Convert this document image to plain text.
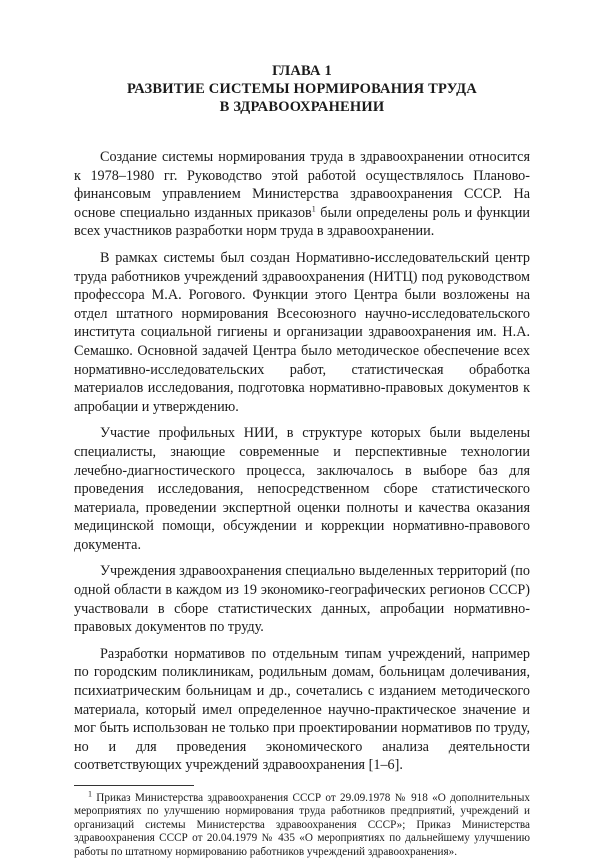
ГЛАВА 1
РАЗВИТИЕ СИСТЕМЫ НОРМИРОВАНИЯ ТРУДА
В ЗДРАВООХРАНЕНИИ

Создание системы нормирования труда в здравоохранении относится к 1978–1980 гг. Руководство этой работой осуществлялось Планово-финансовым управлением Министерства здравоохранения СССР. На основе специально изданных приказов$^1$ были определены роль и функции всех участников разработки норм труда в здравоохранении.

В рамках системы был создан Нормативно-исследовательский центр труда работников учреждений здравоохранения (НИТЦ) под руководством профессора М.А. Рогового. Функции этого Центра были возложены на отдел штатного нормирования Всесоюзного научно-исследовательского института социальной гигиены и организации здравоохранения им. Н.А. Семашко. Основной задачей Центра было методическое обеспечение всех нормативно-исследовательских работ, статистическая обработка материалов исследования, подготовка нормативно-правовых документов к апробации и утверждению.

Участие профильных НИИ, в структуре которых были выделены специалисты, знающие современные и перспективные технологии лечебно-диагностического процесса, заключалось в выборе баз для проведения исследования, непосредственном сборе статистического материала, проведении экспертной оценки полноты и качества оказания медицинской помощи, обсуждении и коррекции нормативно-правового документа.

Учреждения здравоохранения специально выделенных территорий (по одной области в каждом из 19 экономико-географических регионов СССР) участвовали в сборе статистических данных, апробации нормативно-правовых документов по труду.

Разработки нормативов по отдельным типам учреждений, например по городским поликлиникам, родильным домам, больницам долечивания, психиатрическим больницам и др., сочетались с изданием методического материала, который имел определенное научно-практическое значение и мог быть использован не только при проектировании нормативов по труду, но и для проведения экономического анализа деятельности соответствующих учреждений здравоохранения [1–6].

$^1$ Приказ Министерства здравоохранения СССР от 29.09.1978 № 918 «О дополнительных мероприятиях по улучшению нормирования труда работников предприятий, учреждений и организаций системы Министерства здравоохранения СССР»; Приказ Министерства здравоохранения СССР от 20.04.1979 № 435 «О мероприятиях по дальнейшему улучшению работы по штатному нормированию работников учреждений здравоохранения».
